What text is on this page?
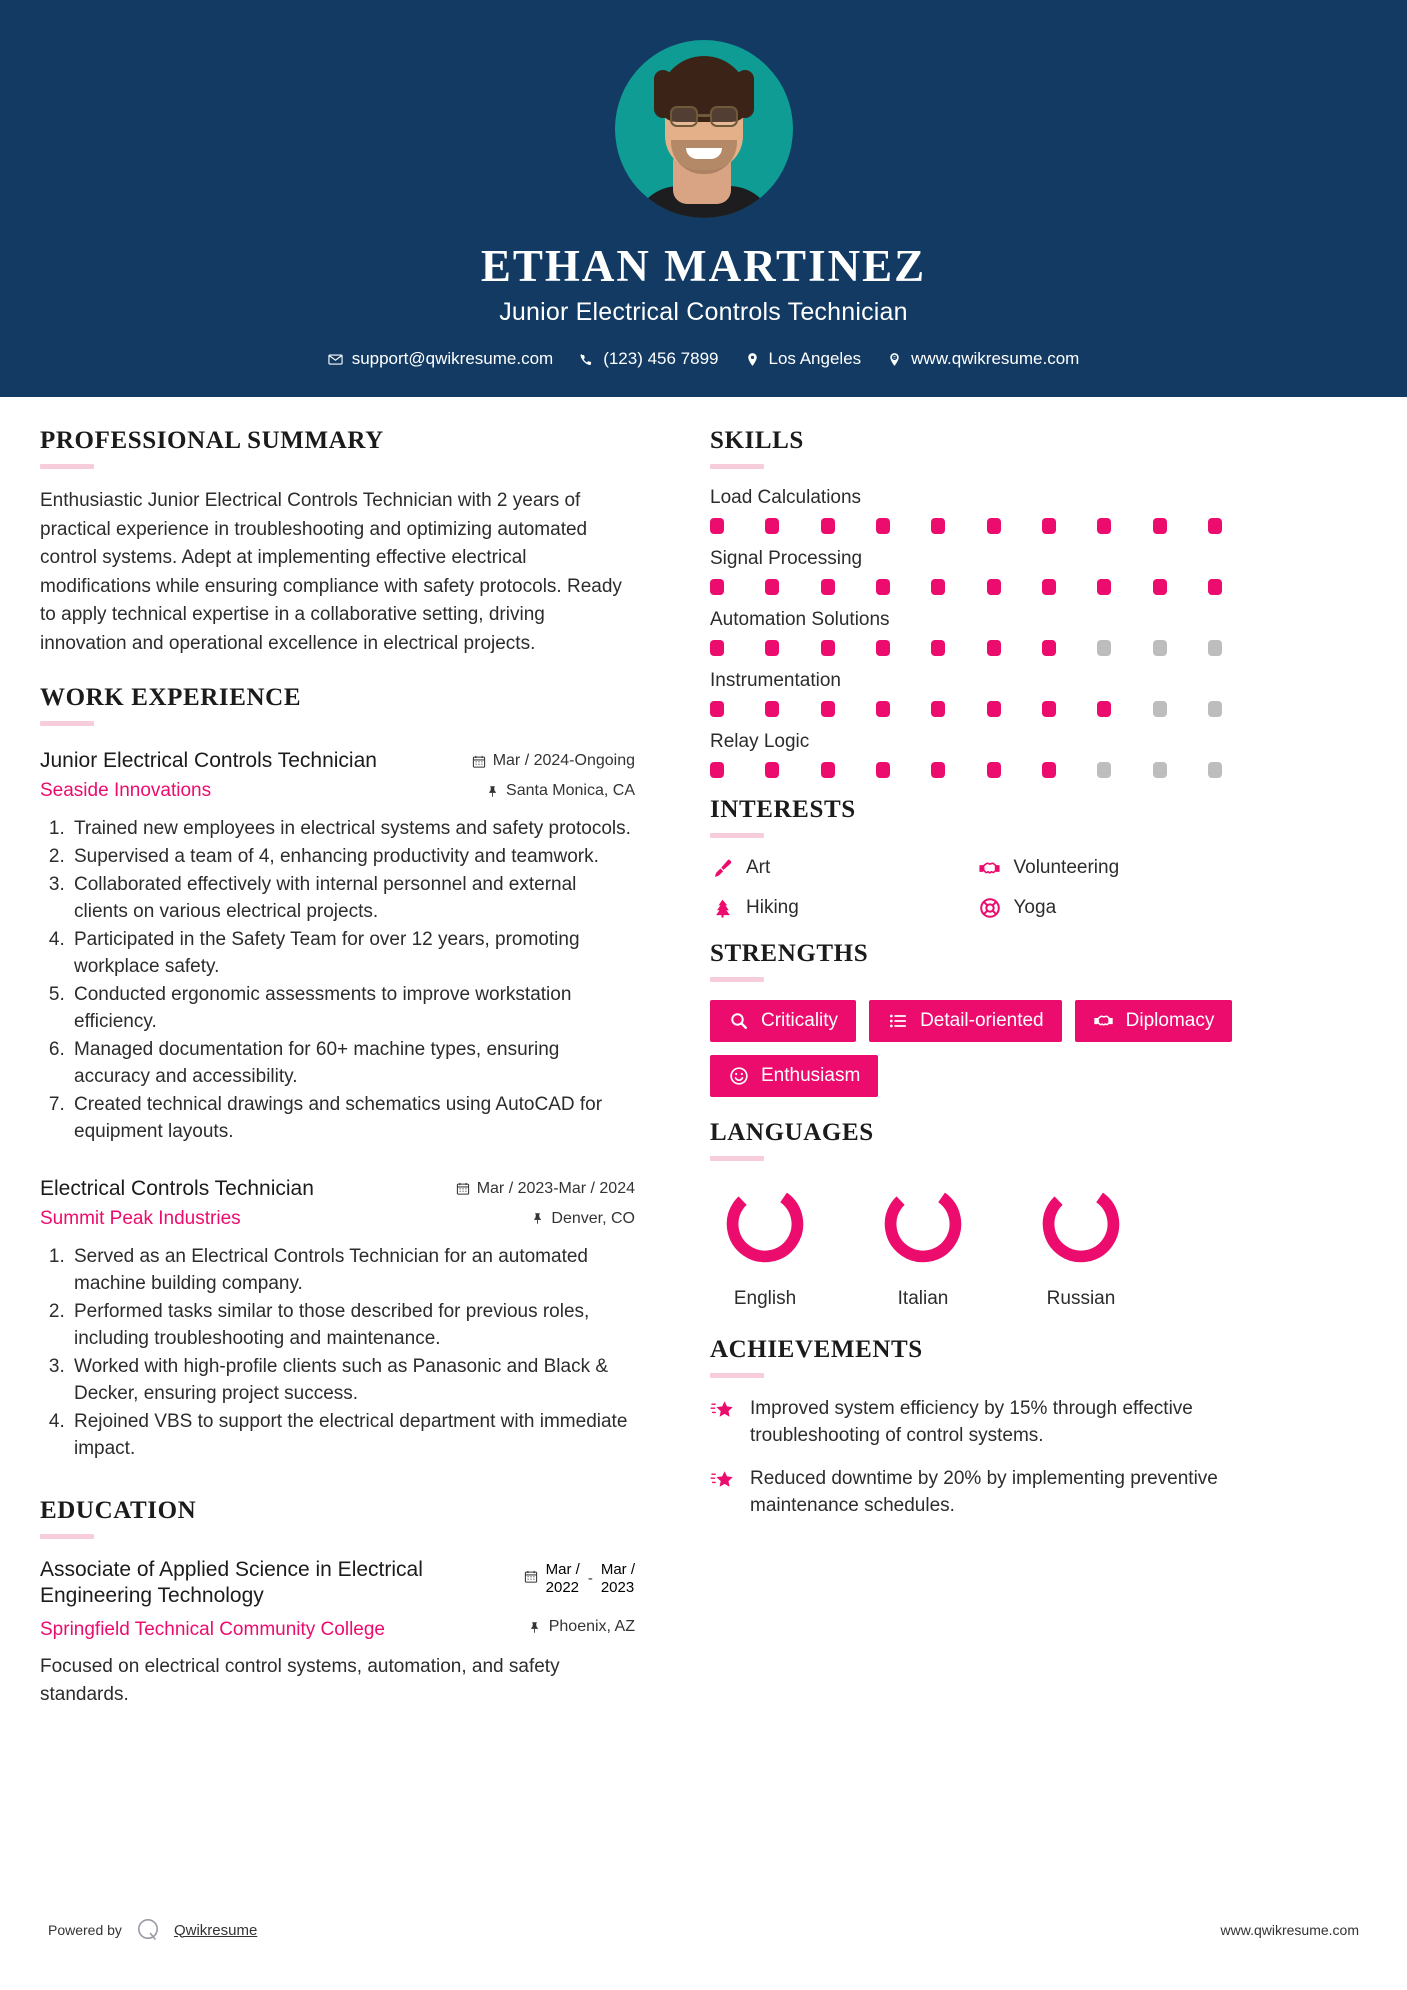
ETHAN MARTINEZ
Junior Electrical Controls Technician
support@qwikresume.com	(123) 456 7899	Los Angeles	www.qwikresume.com
PROFESSIONAL SUMMARY
Enthusiastic Junior Electrical Controls Technician with 2 years of practical experience in troubleshooting and optimizing automated control systems. Adept at implementing effective electrical modifications while ensuring compliance with safety protocols. Ready to apply technical expertise in a collaborative setting, driving innovation and operational excellence in electrical projects.
WORK EXPERIENCE
Junior Electrical Controls Technician
Seaside Innovations
Mar / 2024-Ongoing
Santa Monica, CA
1. Trained new employees in electrical systems and safety protocols.
2. Supervised a team of 4, enhancing productivity and teamwork.
3. Collaborated effectively with internal personnel and external clients on various electrical projects.
4. Participated in the Safety Team for over 12 years, promoting workplace safety.
5. Conducted ergonomic assessments to improve workstation efficiency.
6. Managed documentation for 60+ machine types, ensuring accuracy and accessibility.
7. Created technical drawings and schematics using AutoCAD for equipment layouts.
Electrical Controls Technician
Summit Peak Industries
Mar / 2023-Mar / 2024
Denver, CO
1. Served as an Electrical Controls Technician for an automated machine building company.
2. Performed tasks similar to those described for previous roles, including troubleshooting and maintenance.
3. Worked with high-profile clients such as Panasonic and Black & Decker, ensuring project success.
4. Rejoined VBS to support the electrical department with immediate impact.
EDUCATION
Associate of Applied Science in Electrical Engineering Technology
Springfield Technical Community College
Mar /
2022 -
Mar /
2023
Phoenix, AZ
Focused on electrical control systems, automation, and safety standards.
SKILLS
Load Calculations
Signal Processing
Automation Solutions
Instrumentation
Relay Logic
INTERESTS
Art	Volunteering
Hiking	Yoga
STRENGTHS
Criticality	Detail-oriented	Diplomacy
Enthusiasm
LANGUAGES
English	Italian	Russian
ACHIEVEMENTS
Improved system efficiency by 15% through effective troubleshooting of control systems.
Reduced downtime by 20% by implementing preventive maintenance schedules.
Powered by	Qwikresume	www.qwikresume.com
